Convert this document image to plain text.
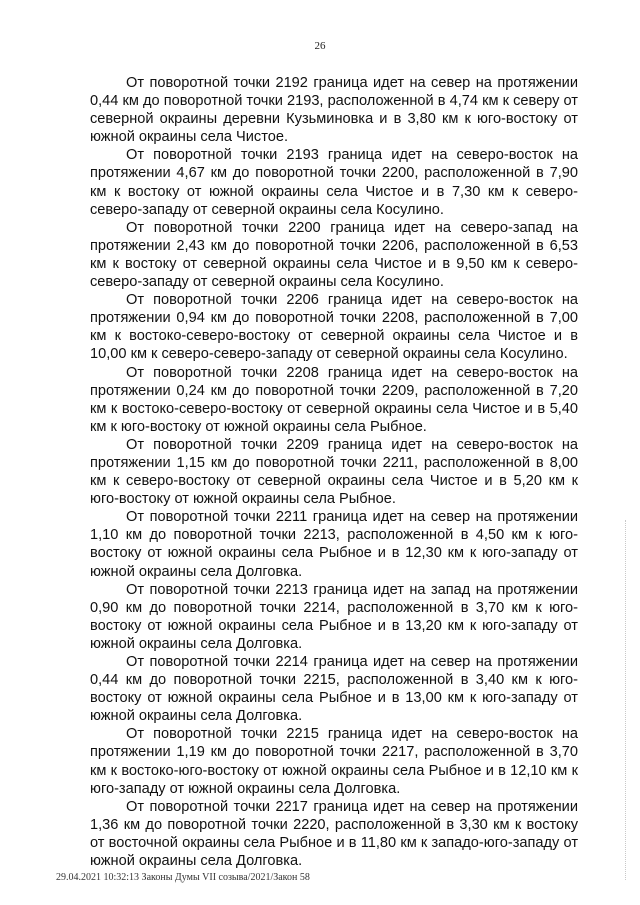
26

От поворотной точки 2192 граница идет на север на протяжении 0,44 км до поворотной точки 2193, расположенной в 4,74 км к северу от северной окраины деревни Кузьминовка и в 3,80 км к юго-востоку от южной окраины села Чистое.

От поворотной точки 2193 граница идет на северо-восток на протяжении 4,67 км до поворотной точки 2200, расположенной в 7,90 км к востоку от южной окраины села Чистое и в 7,30 км к северо-северо-западу от северной окраины села Косулино.

От поворотной точки 2200 граница идет на северо-запад на протяжении 2,43 км до поворотной точки 2206, расположенной в 6,53 км к востоку от северной окраины села Чистое и в 9,50 км к северо-северо-западу от северной окраины села Косулино.

От поворотной точки 2206 граница идет на северо-восток на протяжении 0,94 км до поворотной точки 2208, расположенной в 7,00 км к востоко-северо-востоку от северной окраины села Чистое и в 10,00 км к северо-северо-западу от северной окраины села Косулино.

От поворотной точки 2208 граница идет на северо-восток на протяжении 0,24 км до поворотной точки 2209, расположенной в 7,20 км к востоко-северо-востоку от северной окраины села Чистое и в 5,40 км к юго-востоку от южной окраины села Рыбное.

От поворотной точки 2209 граница идет на северо-восток на протяжении 1,15 км до поворотной точки 2211, расположенной в 8,00 км к северо-востоку от северной окраины села Чистое и в 5,20 км к юго-востоку от южной окраины села Рыбное.

От поворотной точки 2211 граница идет на север на протяжении 1,10 км до поворотной точки 2213, расположенной в 4,50 км к юго-востоку от южной окраины села Рыбное и в 12,30 км к юго-западу от южной окраины села Долговка.

От поворотной точки 2213 граница идет на запад на протяжении 0,90 км до поворотной точки 2214, расположенной в 3,70 км к юго-востоку от южной окраины села Рыбное и в 13,20 км к юго-западу от южной окраины села Долговка.

От поворотной точки 2214 граница идет на север на протяжении 0,44 км до поворотной точки 2215, расположенной в 3,40 км к юго-востоку от южной окраины села Рыбное и в 13,00 км к юго-западу от южной окраины села Долговка.

От поворотной точки 2215 граница идет на северо-восток на протяжении 1,19 км до поворотной точки 2217, расположенной в 3,70 км к востоко-юго-востоку от южной окраины села Рыбное и в 12,10 км к юго-западу от южной окраины села Долговка.

От поворотной точки 2217 граница идет на север на протяжении 1,36 км до поворотной точки 2220, расположенной в 3,30 км к востоку от восточной окраины села Рыбное и в 11,80 км к западо-юго-западу от южной окраины села Долговка.

29.04.2021 10:32:13 Законы Думы VII созыва/2021/Закон 58
